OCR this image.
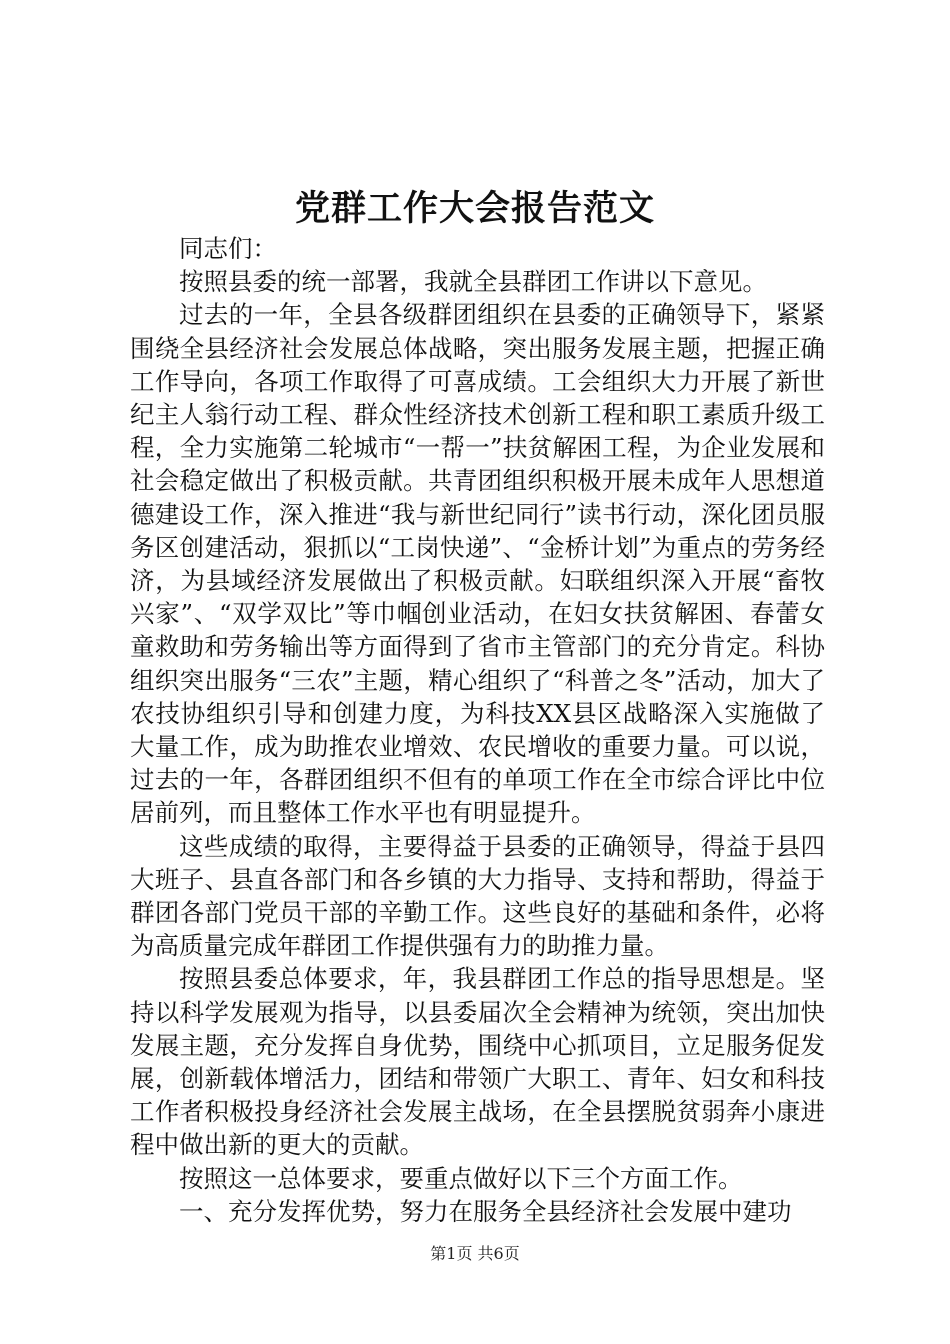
党群工作大会报告范文

同志们：

按照县委的统一部署，我就全县群团工作讲以下意见。

过去的一年，全县各级群团组织在县委的正确领导下，紧紧围绕全县经济社会发展总体战略，突出服务发展主题，把握正确工作导向，各项工作取得了可喜成绩。工会组织大力开展了新世纪主人翁行动工程、群众性经济技术创新工程和职工素质升级工程，全力实施第二轮城市“一帮一”扶贫解困工程，为企业发展和社会稳定做出了积极贡献。共青团组织积极开展未成年人思想道德建设工作，深入推进“我与新世纪同行”读书行动，深化团员服务区创建活动，狠抓以“工岗快递”、“金桥计划”为重点的劳务经济，为县域经济发展做出了积极贡献。妇联组织深入开展“畜牧兴家”、“双学双比”等巾帼创业活动，在妇女扶贫解困、春蕾女童救助和劳务输出等方面得到了省市主管部门的充分肯定。科协组织突出服务“三农”主题，精心组织了“科普之冬”活动，加大了农技协组织引导和创建力度，为科技XX县区战略深入实施做了大量工作，成为助推农业增效、农民增收的重要力量。可以说，过去的一年，各群团组织不但有的单项工作在全市综合评比中位居前列，而且整体工作水平也有明显提升。

这些成绩的取得，主要得益于县委的正确领导，得益于县四大班子、县直各部门和各乡镇的大力指导、支持和帮助，得益于群团各部门党员干部的辛勤工作。这些良好的基础和条件，必将为高质量完成年群团工作提供强有力的助推力量。

按照县委总体要求，年，我县群团工作总的指导思想是。坚持以科学发展观为指导，以县委届次全会精神为统领，突出加快发展主题，充分发挥自身优势，围绕中心抓项目，立足服务促发展，创新载体增活力，团结和带领广大职工、青年、妇女和科技工作者积极投身经济社会发展主战场，在全县摆脱贫弱奔小康进程中做出新的更大的贡献。

按照这一总体要求，要重点做好以下三个方面工作。

一、充分发挥优势，努力在服务全县经济社会发展中建功

第1页 共6页
